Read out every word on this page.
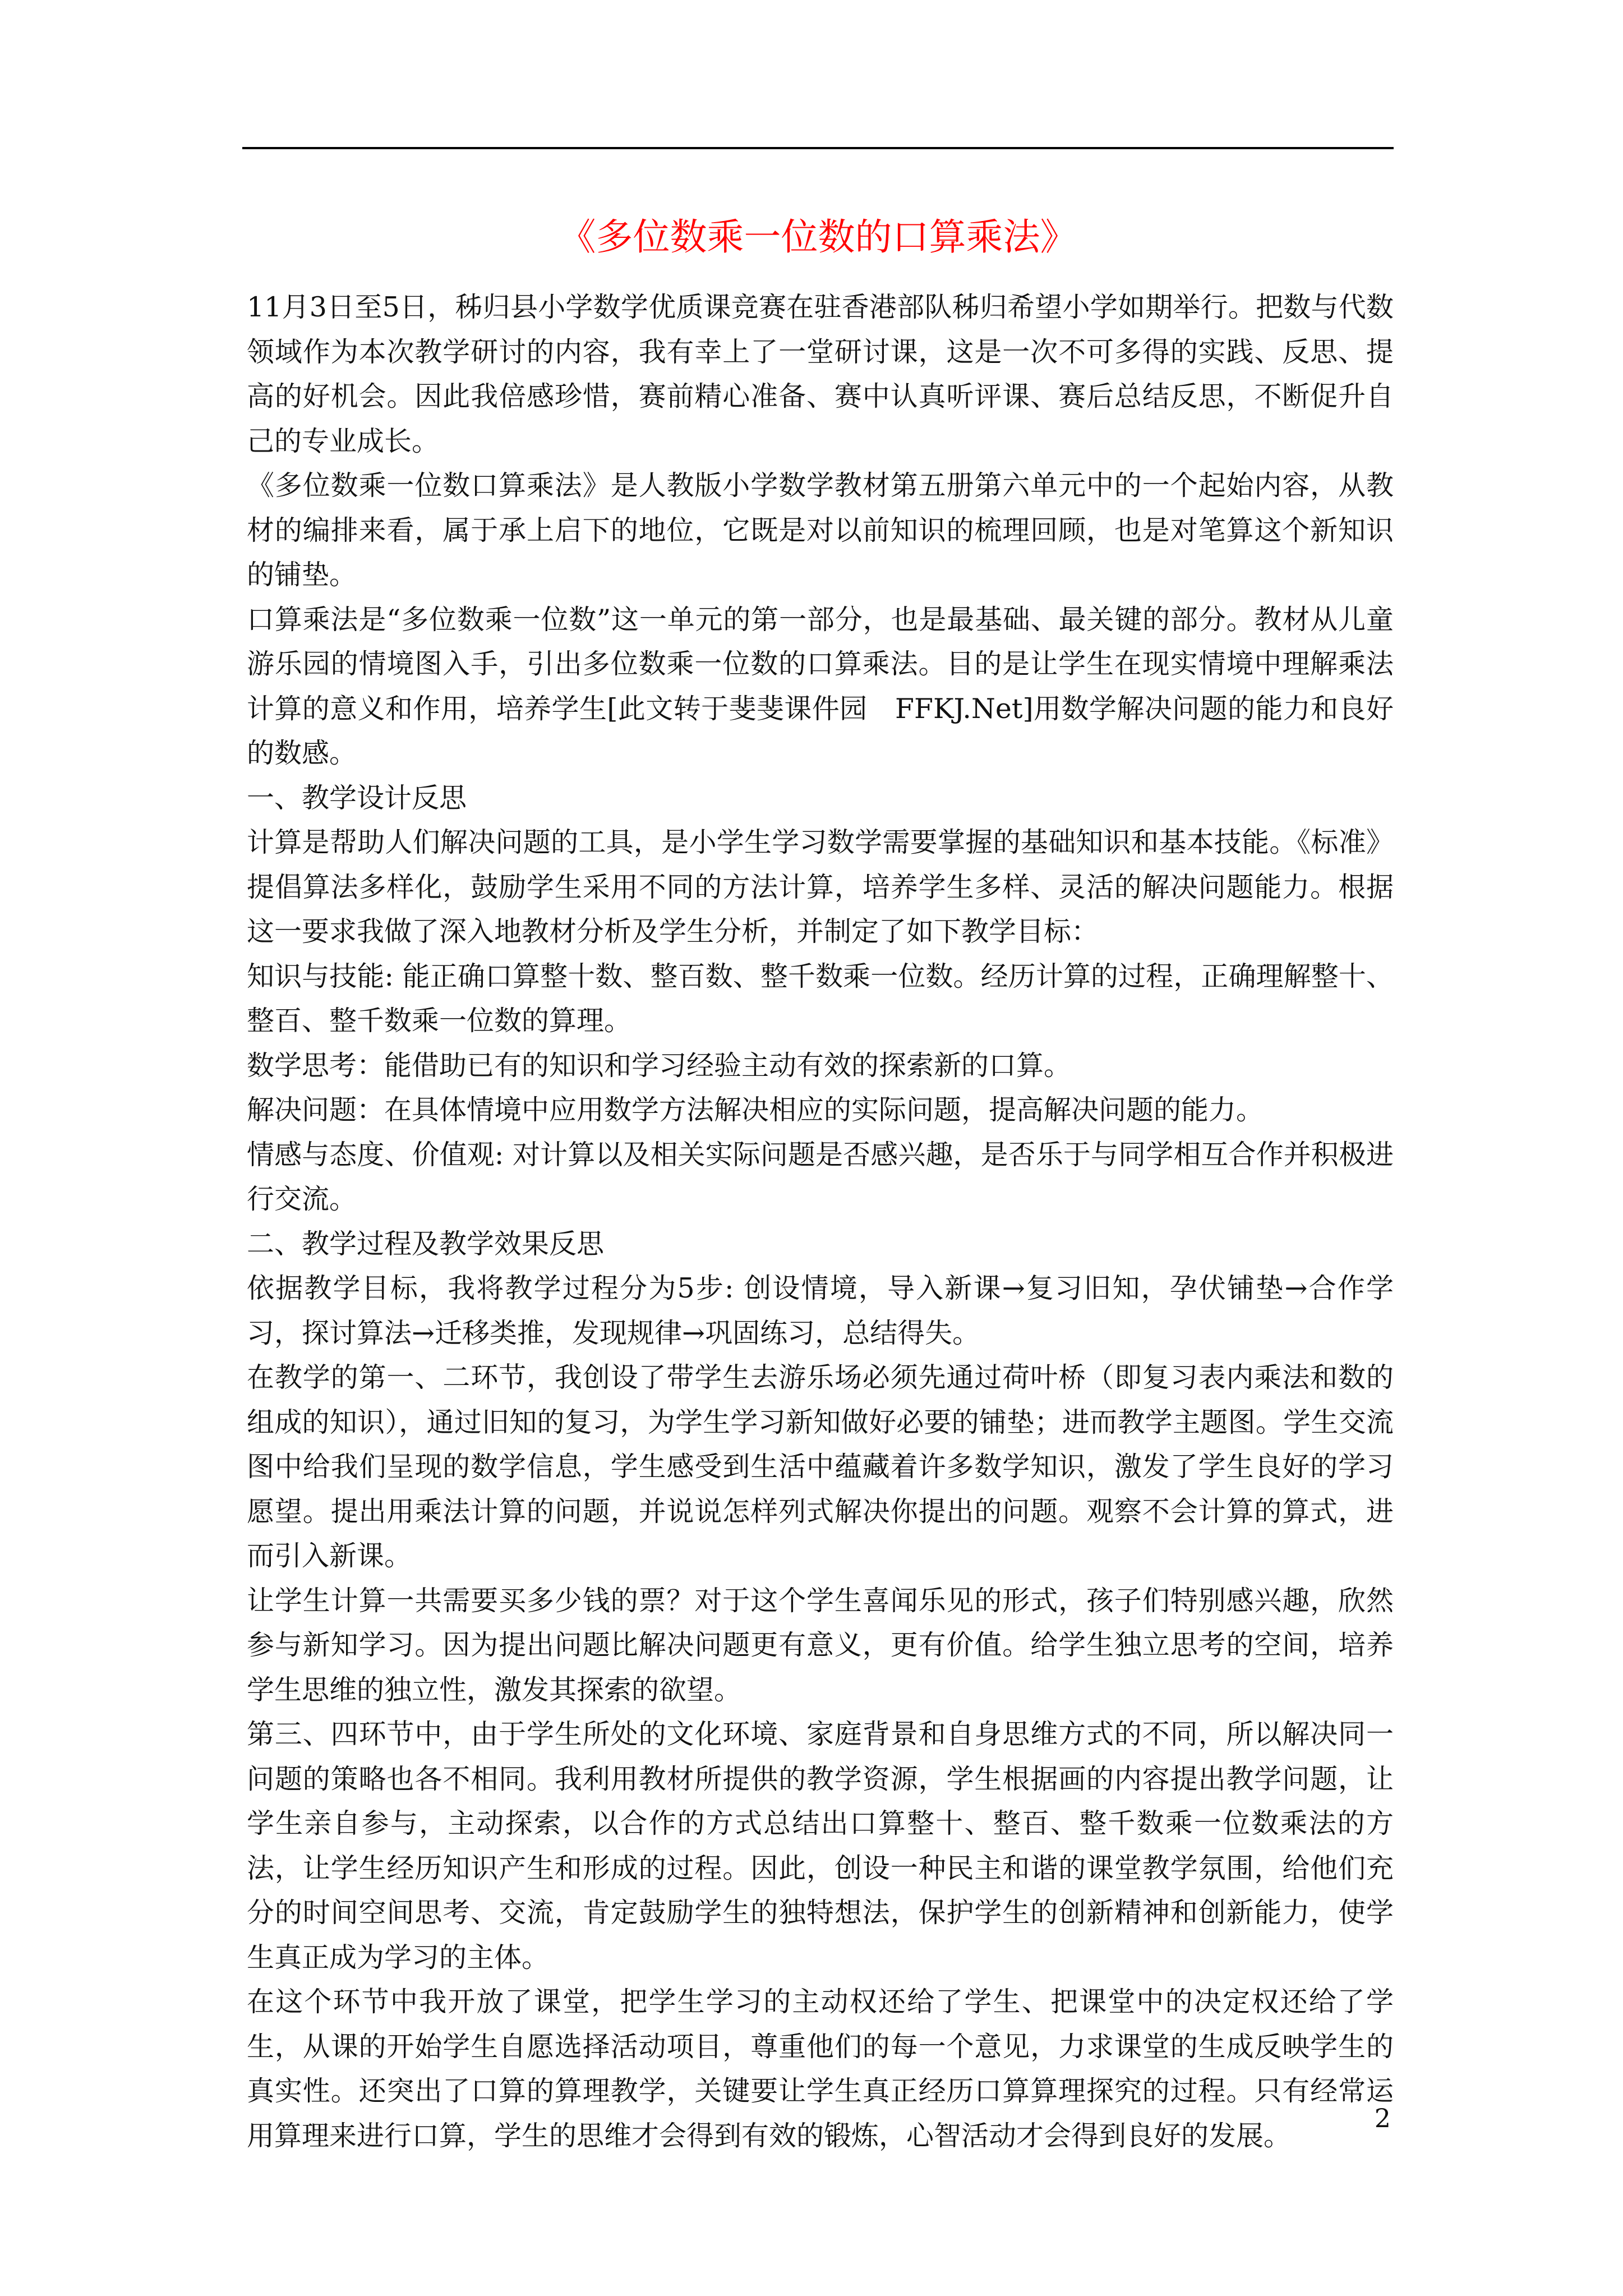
《多位数乘一位数的口算乘法》

11月3日至5日，秭归县小学数学优质课竞赛在驻香港部队秭归希望小学如期举行。把数与代数领域作为本次教学研讨的内容，我有幸上了一堂研讨课，这是一次不可多得的实践、反思、提高的好机会。因此我倍感珍惜，赛前精心准备、赛中认真听评课、赛后总结反思，不断促升自己的专业成长。

《多位数乘一位数口算乘法》是人教版小学数学教材第五册第六单元中的一个起始内容，从教材的编排来看，属于承上启下的地位，它既是对以前知识的梳理回顾，也是对笔算这个新知识的铺垫。

口算乘法是“多位数乘一位数”这一单元的第一部分，也是最基础、最关键的部分。教材从儿童游乐园的情境图入手，引出多位数乘一位数的口算乘法。目的是让学生在现实情境中理解乘法计算的意义和作用，培养学生[此文转于斐斐课件园　FFKJ.Net]用数学解决问题的能力和良好的数感。

一、教学设计反思

计算是帮助人们解决问题的工具，是小学生学习数学需要掌握的基础知识和基本技能。《标准》提倡算法多样化，鼓励学生采用不同的方法计算，培养学生多样、灵活的解决问题能力。根据这一要求我做了深入地教材分析及学生分析，并制定了如下教学目标：

知识与技能: 能正确口算整十数、整百数、整千数乘一位数。经历计算的过程，正确理解整十、整百、整千数乘一位数的算理。

数学思考：能借助已有的知识和学习经验主动有效的探索新的口算。

解决问题：在具体情境中应用数学方法解决相应的实际问题，提高解决问题的能力。

情感与态度、价值观: 对计算以及相关实际问题是否感兴趣，是否乐于与同学相互合作并积极进行交流。

二、教学过程及教学效果反思

依据教学目标，我将教学过程分为5步: 创设情境，导入新课→复习旧知，孕伏铺垫→合作学习，探讨算法→迁移类推，发现规律→巩固练习，总结得失。

在教学的第一、二环节，我创设了带学生去游乐场必须先通过荷叶桥（即复习表内乘法和数的组成的知识），通过旧知的复习，为学生学习新知做好必要的铺垫；进而教学主题图。学生交流图中给我们呈现的数学信息，学生感受到生活中蕴藏着许多数学知识，激发了学生良好的学习愿望。提出用乘法计算的问题，并说说怎样列式解决你提出的问题。观察不会计算的算式，进而引入新课。

让学生计算一共需要买多少钱的票？对于这个学生喜闻乐见的形式，孩子们特别感兴趣，欣然参与新知学习。因为提出问题比解决问题更有意义，更有价值。给学生独立思考的空间，培养学生思维的独立性，激发其探索的欲望。

第三、四环节中，由于学生所处的文化环境、家庭背景和自身思维方式的不同，所以解决同一问题的策略也各不相同。我利用教材所提供的教学资源，学生根据画的内容提出教学问题，让学生亲自参与，主动探索，以合作的方式总结出口算整十、整百、整千数乘一位数乘法的方法，让学生经历知识产生和形成的过程。因此，创设一种民主和谐的课堂教学氛围，给他们充分的时间空间思考、交流，肯定鼓励学生的独特想法，保护学生的创新精神和创新能力，使学生真正成为学习的主体。

在这个环节中我开放了课堂，把学生学习的主动权还给了学生、把课堂中的决定权还给了学生，从课的开始学生自愿选择活动项目，尊重他们的每一个意见，力求课堂的生成反映学生的真实性。还突出了口算的算理教学，关键要让学生真正经历口算算理探究的过程。只有经常运用算理来进行口算，学生的思维才会得到有效的锻炼，心智活动才会得到良好的发展。

2
